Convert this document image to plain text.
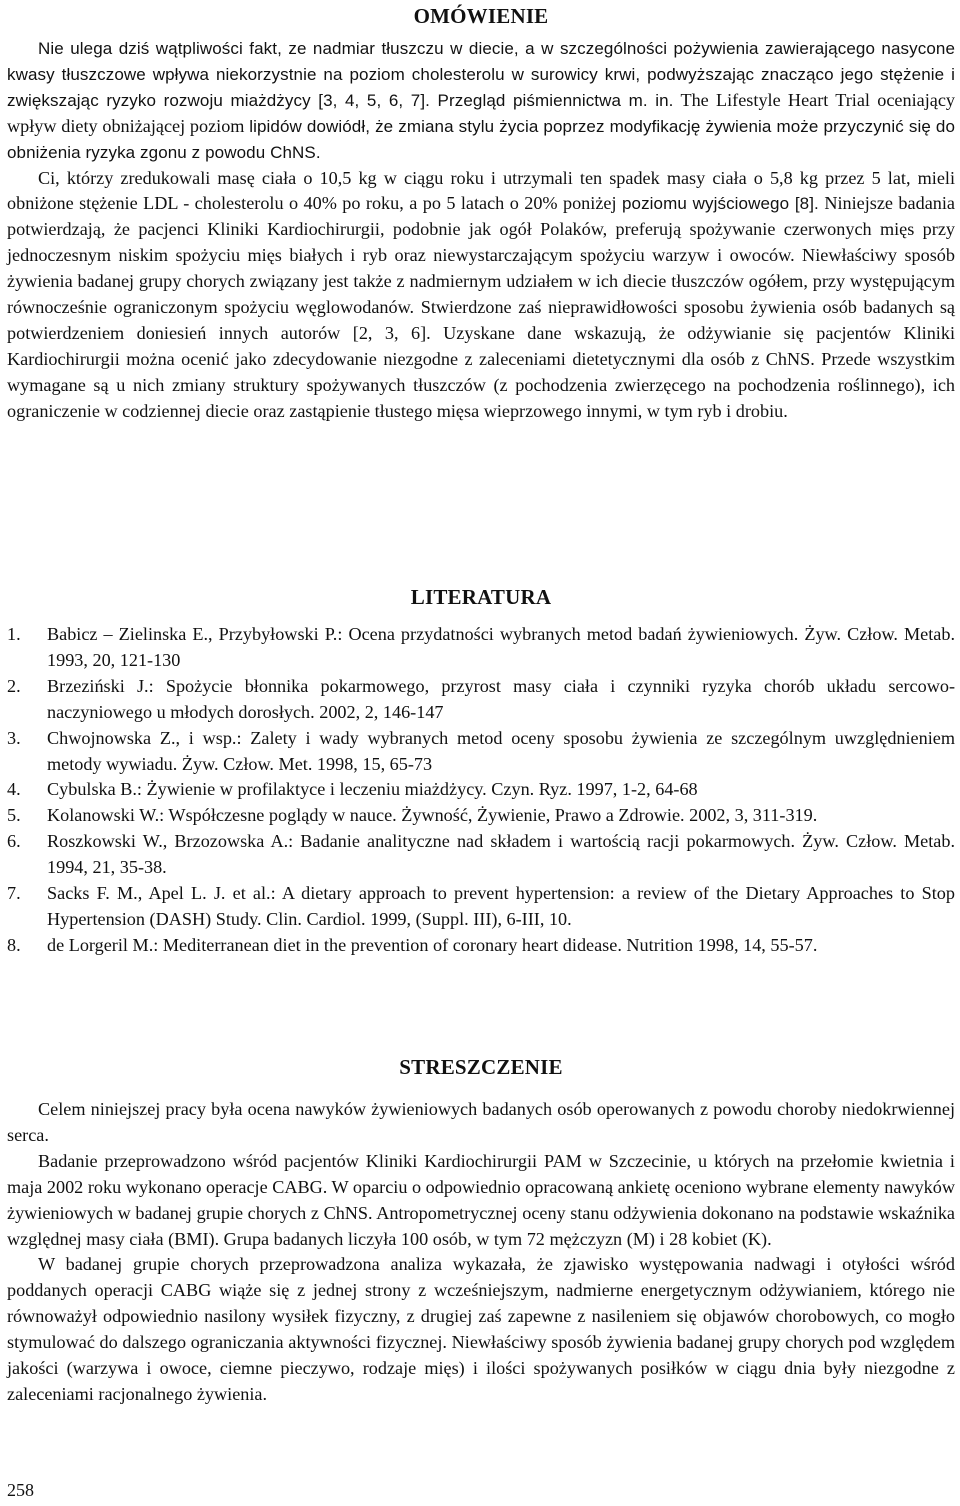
OMÓWIENIE

Nie ulega dziś wątpliwości fakt, ze nadmiar tłuszczu w diecie, a w szczególności pożywienia zawierającego nasycone kwasy tłuszczowe wpływa niekorzystnie na poziom cholesterolu w surowicy krwi, podwyższając znacząco jego stężenie i zwiększając ryzyko rozwoju miażdżycy [3, 4, 5, 6, 7]. Przegląd piśmiennictwa m. in. The Lifestyle Heart Trial oceniający wpływ diety obniżającej poziom lipidów dowiódł, że zmiana stylu życia poprzez modyfikację żywienia może przyczynić się do obniżenia ryzyka zgonu z powodu ChNS.

Ci, którzy zredukowali masę ciała o 10,5 kg w ciągu roku i utrzymali ten spadek masy ciała o 5,8 kg przez 5 lat, mieli obniżone stężenie LDL - cholesterolu o 40% po roku, a po 5 latach o 20% poniżej poziomu wyjściowego [8]. Niniejsze badania potwierdzają, że pacjenci Kliniki Kardiochirurgii, podobnie jak ogół Polaków, preferują spożywanie czerwonych mięs przy jednoczesnym niskim spożyciu mięs białych i ryb oraz niewystarczającym spożyciu warzyw i owoców. Niewłaściwy sposób żywienia badanej grupy chorych związany jest także z nadmiernym udziałem w ich diecie tłuszczów ogółem, przy występującym równocześnie ograniczonym spożyciu węglowodanów. Stwierdzone zaś nieprawidłowości sposobu żywienia osób badanych są potwierdzeniem doniesień innych autorów [2, 3, 6]. Uzyskane dane wskazują, że odżywianie się pacjentów Kliniki Kardiochirurgii można ocenić jako zdecydowanie niezgodne z zaleceniami dietetycznymi dla osób z ChNS. Przede wszystkim wymagane są u nich zmiany struktury spożywanych tłuszczów (z pochodzenia zwierzęcego na pochodzenia roślinnego), ich ograniczenie w codziennej diecie oraz zastąpienie tłustego mięsa wieprzowego innymi, w tym ryb i drobiu.

LITERATURA
1. Babicz – Zielinska E., Przybyłowski P.: Ocena przydatności wybranych metod badań żywieniowych. Żyw. Człow. Metab. 1993, 20, 121-130
2. Brzeziński J.: Spożycie błonnika pokarmowego, przyrost masy ciała i czynniki ryzyka chorób układu sercowo-naczyniowego u młodych dorosłych. 2002, 2, 146-147
3. Chwojnowska Z., i wsp.: Zalety i wady wybranych metod oceny sposobu żywienia ze szczególnym uwzględnieniem metody wywiadu. Żyw. Człow. Met. 1998, 15, 65-73
4. Cybulska B.: Żywienie w profilaktyce i leczeniu miażdżycy. Czyn. Ryz. 1997, 1-2, 64-68
5. Kolanowski W.: Współczesne poglądy w nauce. Żywność, Żywienie, Prawo a Zdrowie. 2002, 3, 311-319.
6. Roszkowski W., Brzozowska A.: Badanie analityczne nad składem i wartością racji pokarmowych. Żyw. Człow. Metab. 1994, 21, 35-38.
7. Sacks F. M., Apel L. J. et al.: A dietary approach to prevent hypertension: a review of the Dietary Approaches to Stop Hypertension (DASH) Study. Clin. Cardiol. 1999, (Suppl. III), 6-III, 10.
8. de Lorgeril M.: Mediterranean diet in the prevention of coronary heart didease. Nutrition 1998, 14, 55-57.
STRESZCZENIE

Celem niniejszej pracy była ocena nawyków żywieniowych badanych osób operowanych z powodu choroby niedokrwiennej serca.

Badanie przeprowadzono wśród pacjentów Kliniki Kardiochirurgii PAM w Szczecinie, u których na przełomie kwietnia i maja 2002 roku wykonano operacje CABG. W oparciu o odpowiednio opracowaną ankietę oceniono wybrane elementy nawyków żywieniowych w badanej grupie chorych z ChNS. Antropometrycznej oceny stanu odżywienia dokonano na podstawie wskaźnika względnej masy ciała (BMI). Grupa badanych liczyła 100 osób, w tym 72 mężczyzn (M) i 28 kobiet (K).

W badanej grupie chorych przeprowadzona analiza wykazała, że zjawisko występowania nadwagi i otyłości wśród poddanych operacji CABG wiąże się z jednej strony z wcześniejszym, nadmierne energetycznym odżywianiem, którego nie równoważył odpowiednio nasilony wysiłek fizyczny, z drugiej zaś zapewne z nasileniem się objawów chorobowych, co mogło stymulować do dalszego ograniczania aktywności fizycznej. Niewłaściwy sposób żywienia badanej grupy chorych pod względem jakości (warzywa i owoce, ciemne pieczywo, rodzaje mięs) i ilości spożywanych posiłków w ciągu dnia były niezgodne z zaleceniami racjonalnego żywienia.

258
